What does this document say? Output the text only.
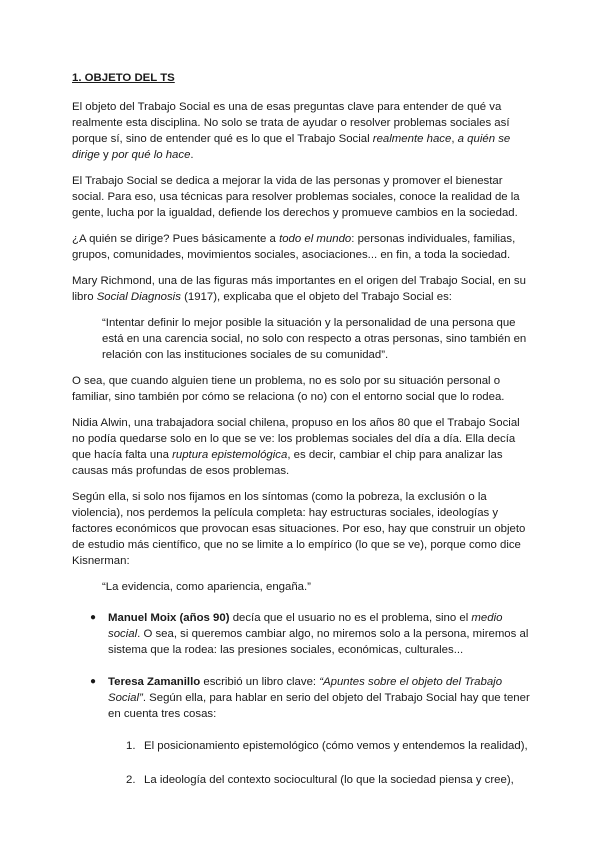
1. OBJETO DEL TS

El objeto del Trabajo Social es una de esas preguntas clave para entender de qué va realmente esta disciplina. No solo se trata de ayudar o resolver problemas sociales así porque sí, sino de entender qué es lo que el Trabajo Social realmente hace, a quién se dirige y por qué lo hace.

El Trabajo Social se dedica a mejorar la vida de las personas y promover el bienestar social. Para eso, usa técnicas para resolver problemas sociales, conoce la realidad de la gente, lucha por la igualdad, defiende los derechos y promueve cambios en la sociedad.

¿A quién se dirige? Pues básicamente a todo el mundo: personas individuales, familias, grupos, comunidades, movimientos sociales, asociaciones... en fin, a toda la sociedad.

Mary Richmond, una de las figuras más importantes en el origen del Trabajo Social, en su libro Social Diagnosis (1917), explicaba que el objeto del Trabajo Social es:

“Intentar definir lo mejor posible la situación y la personalidad de una persona que está en una carencia social, no solo con respecto a otras personas, sino también en relación con las instituciones sociales de su comunidad”.

O sea, que cuando alguien tiene un problema, no es solo por su situación personal o familiar, sino también por cómo se relaciona (o no) con el entorno social que lo rodea.

Nidia Alwin, una trabajadora social chilena, propuso en los años 80 que el Trabajo Social no podía quedarse solo en lo que se ve: los problemas sociales del día a día. Ella decía que hacía falta una ruptura epistemológica, es decir, cambiar el chip para analizar las causas más profundas de esos problemas.

Según ella, si solo nos fijamos en los síntomas (como la pobreza, la exclusión o la violencia), nos perdemos la película completa: hay estructuras sociales, ideologías y factores económicos que provocan esas situaciones. Por eso, hay que construir un objeto de estudio más científico, que no se limite a lo empírico (lo que se ve), porque como dice Kisnerman:

“La evidencia, como apariencia, engaña.”

● Manuel Moix (años 90) decía que el usuario no es el problema, sino el medio social. O sea, si queremos cambiar algo, no miremos solo a la persona, miremos al sistema que la rodea: las presiones sociales, económicas, culturales...
● Teresa Zamanillo escribió un libro clave: “Apuntes sobre el objeto del Trabajo Social”. Según ella, para hablar en serio del objeto del Trabajo Social hay que tener en cuenta tres cosas:
1. El posicionamiento epistemológico (cómo vemos y entendemos la realidad),
2. La ideología del contexto sociocultural (lo que la sociedad piensa y cree),
